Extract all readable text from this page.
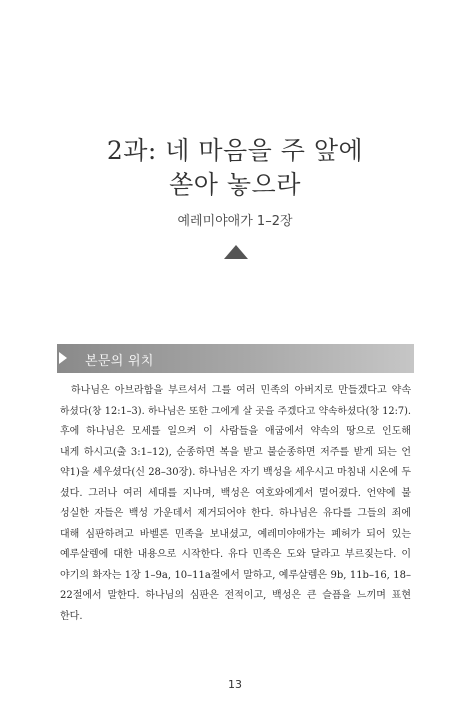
2과: 네 마음을 주 앞에
쏟아 놓으라
예레미야애가 1–2장
본문의 위치
하나님은 아브라함을 부르셔서 그를 여러 민족의 아버지로 만들겠다고 약속
하셨다(창 12:1–3). 하나님은 또한 그에게 살 곳을 주겠다고 약속하셨다(창 12:7).
후에 하나님은 모세를 일으켜 이 사람들을 애굽에서 약속의 땅으로 인도해
내게 하시고(출 3:1–12), 순종하면 복을 받고 불순종하면 저주를 받게 되는 언
약1)을 세우셨다(신 28–30장). 하나님은 자기 백성을 세우시고 마침내 시온에 두
셨다. 그러나 여러 세대를 지나며, 백성은 여호와에게서 멀어졌다. 언약에 불
성실한 자들은 백성 가운데서 제거되어야 한다. 하나님은 유다를 그들의 죄에
대해 심판하려고 바벨론 민족을 보내셨고, 예레미야애가는 폐허가 되어 있는
예루살렘에 대한 내용으로 시작한다. 유다 민족은 도와 달라고 부르짖는다. 이
야기의 화자는 1장 1–9a, 10–11a절에서 말하고, 예루살렘은 9b, 11b–16, 18–
22절에서 말한다. 하나님의 심판은 전적이고, 백성은 큰 슬픔을 느끼며 표현
한다.
13
